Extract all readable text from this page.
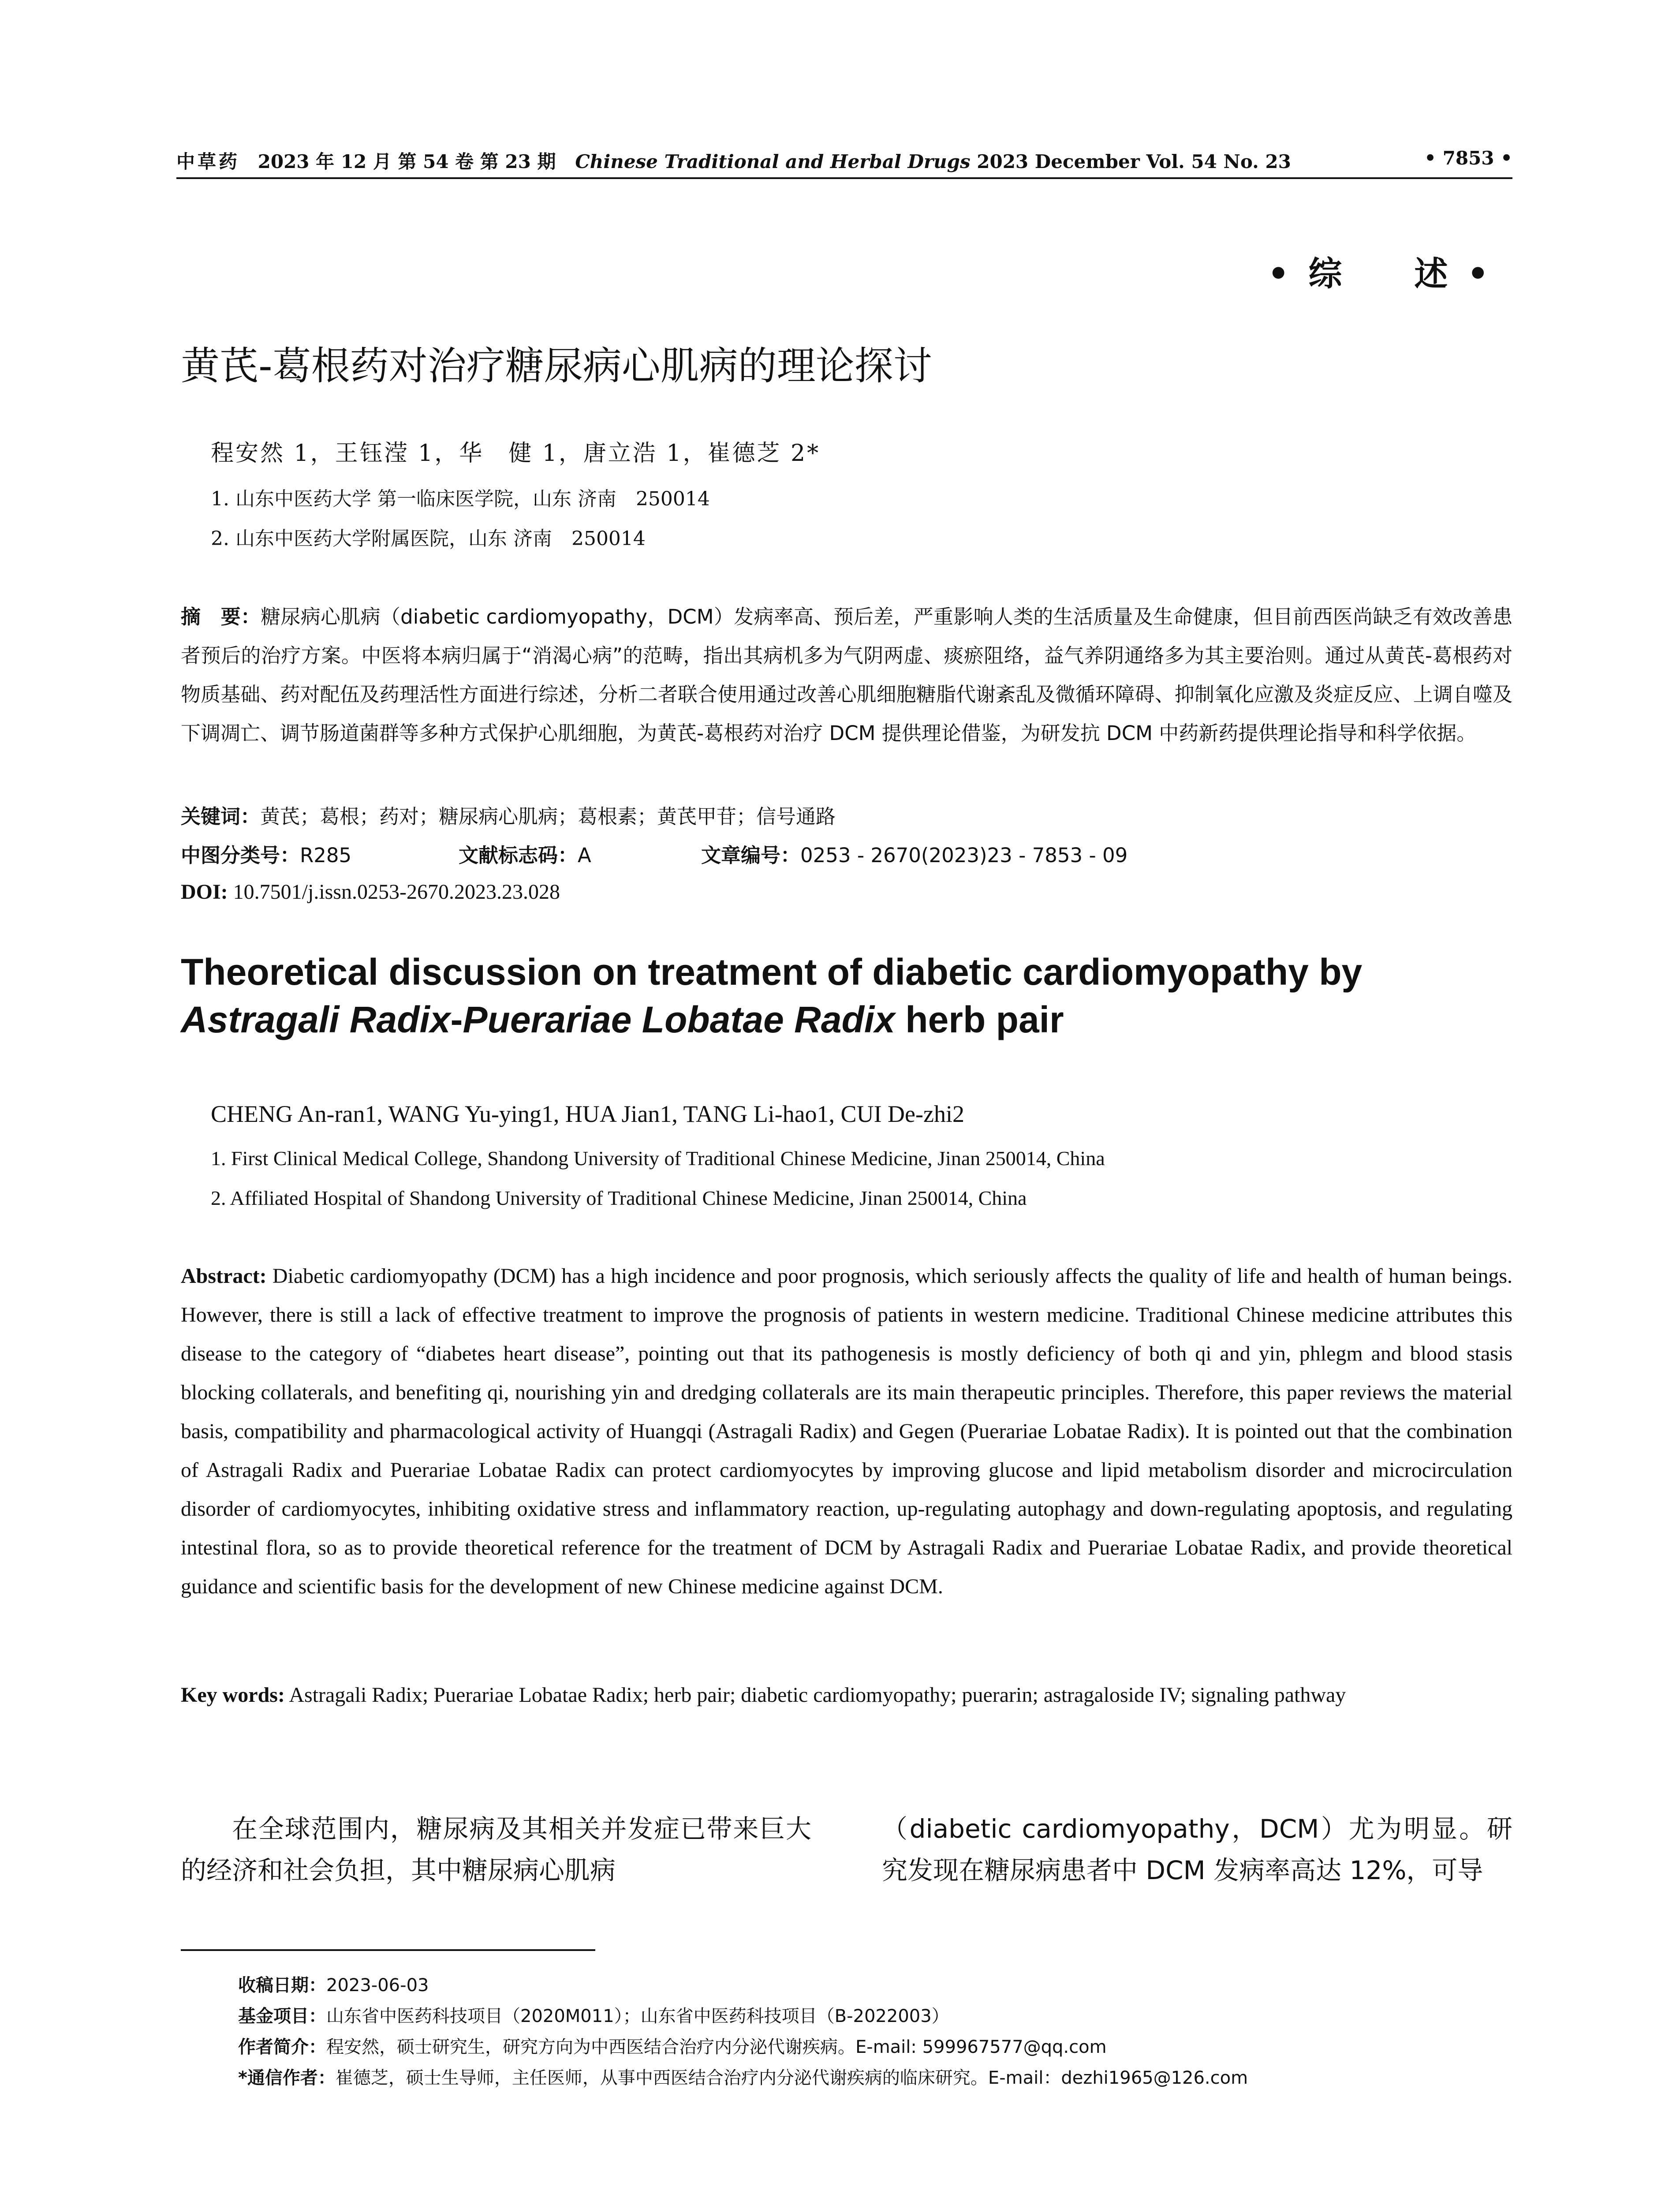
中草药 2023 年 12 月 第 54 卷 第 23 期 Chinese Traditional and Herbal Drugs 2023 December Vol. 54 No. 23	• 7853 •
•综　述•
黄芪-葛根药对治疗糖尿病心肌病的理论探讨
程安然 1，王钰滢 1，华　健 1，唐立浩 1，崔德芝 2*
1. 山东中医药大学 第一临床医学院，山东 济南　250014
2. 山东中医药大学附属医院，山东 济南　250014
摘　要：糖尿病心肌病（diabetic cardiomyopathy，DCM）发病率高、预后差，严重影响人类的生活质量及生命健康，但目前西医尚缺乏有效改善患者预后的治疗方案。中医将本病归属于“消渴心病”的范畴，指出其病机多为气阴两虚、痰瘀阻络，益气养阴通络多为其主要治则。通过从黄芪-葛根药对物质基础、药对配伍及药理活性方面进行综述，分析二者联合使用通过改善心肌细胞糖脂代谢紊乱及微循环障碍、抑制氧化应激及炎症反应、上调自噬及下调凋亡、调节肠道菌群等多种方式保护心肌细胞，为黄芪-葛根药对治疗 DCM 提供理论借鉴，为研发抗 DCM 中药新药提供理论指导和科学依据。
关键词：黄芪；葛根；药对；糖尿病心肌病；葛根素；黄芪甲苷；信号通路
中图分类号：R285	文献标志码：A	文章编号：0253 - 2670(2023)23 - 7853 - 09
DOI: 10.7501/j.issn.0253-2670.2023.23.028
Theoretical discussion on treatment of diabetic cardiomyopathy by Astragali Radix-Puerariae Lobatae Radix herb pair
CHENG An-ran1, WANG Yu-ying1, HUA Jian1, TANG Li-hao1, CUI De-zhi2
1. First Clinical Medical College, Shandong University of Traditional Chinese Medicine, Jinan 250014, China
2. Affiliated Hospital of Shandong University of Traditional Chinese Medicine, Jinan 250014, China
Abstract: Diabetic cardiomyopathy (DCM) has a high incidence and poor prognosis, which seriously affects the quality of life and health of human beings. However, there is still a lack of effective treatment to improve the prognosis of patients in western medicine. Traditional Chinese medicine attributes this disease to the category of “diabetes heart disease”, pointing out that its pathogenesis is mostly deficiency of both qi and yin, phlegm and blood stasis blocking collaterals, and benefiting qi, nourishing yin and dredging collaterals are its main therapeutic principles. Therefore, this paper reviews the material basis, compatibility and pharmacological activity of Huangqi (Astragali Radix) and Gegen (Puerariae Lobatae Radix). It is pointed out that the combination of Astragali Radix and Puerariae Lobatae Radix can protect cardiomyocytes by improving glucose and lipid metabolism disorder and microcirculation disorder of cardiomyocytes, inhibiting oxidative stress and inflammatory reaction, up-regulating autophagy and down-regulating apoptosis, and regulating intestinal flora, so as to provide theoretical reference for the treatment of DCM by Astragali Radix and Puerariae Lobatae Radix, and provide theoretical guidance and scientific basis for the development of new Chinese medicine against DCM.
Key words: Astragali Radix; Puerariae Lobatae Radix; herb pair; diabetic cardiomyopathy; puerarin; astragaloside IV; signaling pathway
在全球范围内，糖尿病及其相关并发症已带来巨大的经济和社会负担，其中糖尿病心肌病
（diabetic cardiomyopathy，DCM）尤为明显。研究发现在糖尿病患者中 DCM 发病率高达 12%，可导
收稿日期：2023-06-03
基金项目：山东省中医药科技项目（2020M011）；山东省中医药科技项目（B-2022003）
作者简介：程安然，硕士研究生，研究方向为中西医结合治疗内分泌代谢疾病。E-mail: 599967577@qq.com
*通信作者：崔德芝，硕士生导师，主任医师，从事中西医结合治疗内分泌代谢疾病的临床研究。E-mail：dezhi1965@126.com
